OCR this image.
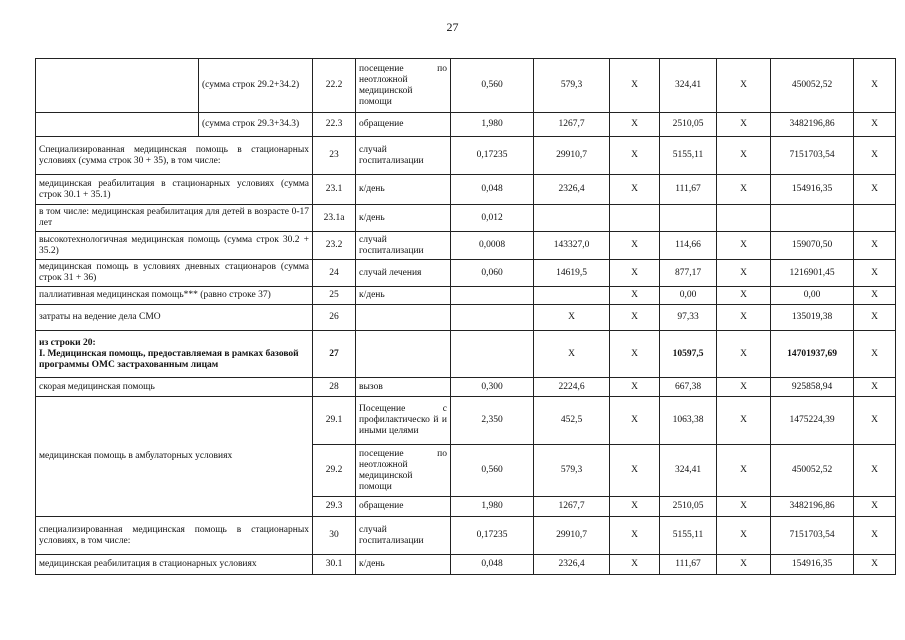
27
	(сумма строк 29.2+34.2)	22.2	посещение по неотложной медицинской помощи	0,560	579,3	Х	324,41	Х	450052,52	Х
	(сумма строк 29.3+34.3)	22.3	обращение	1,980	1267,7	Х	2510,05	Х	3482196,86	Х
Специализированная медицинская помощь в стационарных условиях (сумма строк 30 + 35), в том числе:		23	случай госпитализации	0,17235	29910,7	Х	5155,11	Х	7151703,54	Х
медицинская реабилитация в стационарных условиях (сумма строк 30.1 + 35.1)		23.1	к/день	0,048	2326,4	Х	111,67	Х	154916,35	Х
в том числе: медицинская реабилитация для детей в возрасте 0-17 лет		23.1а	к/день	0,012						
высокотехнологичная медицинская помощь (сумма строк 30.2 + 35.2)		23.2	случай госпитализации	0,0008	143327,0	Х	114,66	Х	159070,50	Х
медицинская помощь в условиях дневных стационаров (сумма строк 31 + 36)		24	случай лечения	0,060	14619,5	Х	877,17	Х	1216901,45	Х
паллиативная медицинская помощь*** (равно строке 37)		25	к/день			Х	0,00	Х	0,00	Х
затраты на ведение дела СМО		26			Х	Х	97,33	Х	135019,38	Х

из строки 20:
I. Медицинская помощь, предоставляемая в рамках базовой программы ОМС застрахованным лицам		27			Х	Х	10597,5	Х	14701937,69	Х
скорая медицинская помощь		28	вызов	0,300	2224,6	Х	667,38	Х	925858,94	Х
медицинская помощь в амбулаторных условиях		29.1	Посещение с профилактическо й и иными целями	2,350	452,5	Х	1063,38	Х	1475224,39	Х
		29.2	посещение по неотложной медицинской помощи	0,560	579,3	Х	324,41	Х	450052,52	Х
		29.3	обращение	1,980	1267,7	Х	2510,05	Х	3482196,86	Х
специализированная медицинская помощь в стационарных условиях, в том числе:		30	случай госпитализации	0,17235	29910,7	Х	5155,11	Х	7151703,54	Х
медицинская реабилитация в стационарных условиях		30.1	к/день	0,048	2326,4	Х	111,67	Х	154916,35	Х
